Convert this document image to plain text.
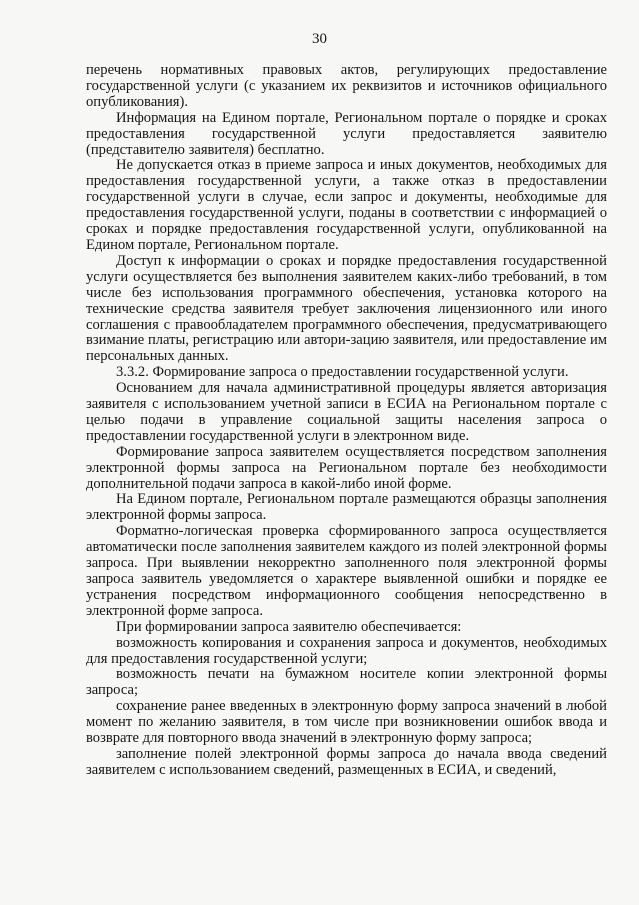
30

перечень нормативных правовых актов, регулирующих предоставление государственной услуги (с указанием их реквизитов и источников официального опубликования).

Информация на Едином портале, Региональном портале о порядке и сроках предоставления государственной услуги предоставляется заявителю (представителю заявителя) бесплатно.

Не допускается отказ в приеме запроса и иных документов, необходимых для предоставления государственной услуги, а также отказ в предоставлении государственной услуги в случае, если запрос и документы, необходимые для предоставления государственной услуги, поданы в соответствии с информацией о сроках и порядке предоставления государственной услуги, опубликованной на Едином портале, Региональном портале.

Доступ к информации о сроках и порядке предоставления государственной услуги осуществляется без выполнения заявителем каких-либо требований, в том числе без использования программного обеспечения, установка которого на технические средства заявителя требует заключения лицензионного или иного соглашения с правообладателем программного обеспечения, предусматривающего взимание платы, регистрацию или автори-зацию заявителя, или предоставление им персональных данных.

3.3.2. Формирование запроса о предоставлении государственной услуги.

Основанием для начала административной процедуры является авторизация заявителя с использованием учетной записи в ЕСИА на Региональном портале с целью подачи в управление социальной защиты населения запроса о предоставлении государственной услуги в электронном виде.

Формирование запроса заявителем осуществляется посредством заполнения электронной формы запроса на Региональном портале без необходимости дополнительной подачи запроса в какой-либо иной форме.

На Едином портале, Региональном портале размещаются образцы заполнения электронной формы запроса.

Форматно-логическая проверка сформированного запроса осуществляется автоматически после заполнения заявителем каждого из полей электронной формы запроса. При выявлении некорректно заполненного поля электронной формы запроса заявитель уведомляется о характере выявленной ошибки и порядке ее устранения посредством информационного сообщения непосредственно в электронной форме запроса.

При формировании запроса заявителю обеспечивается:

возможность копирования и сохранения запроса и документов, необходимых для предоставления государственной услуги;

возможность печати на бумажном носителе копии электронной формы запроса;

сохранение ранее введенных в электронную форму запроса значений в любой момент по желанию заявителя, в том числе при возникновении ошибок ввода и возврате для повторного ввода значений в электронную форму запроса;

заполнение полей электронной формы запроса до начала ввода сведений заявителем с использованием сведений, размещенных в ЕСИА, и сведений,
